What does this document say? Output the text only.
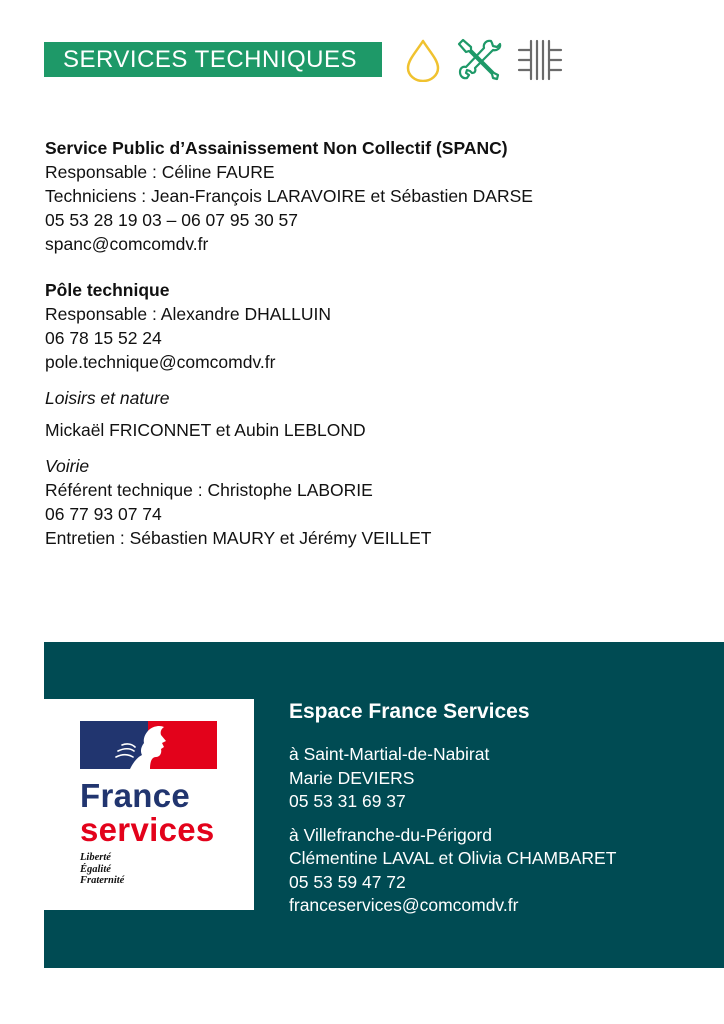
SERVICES TECHNIQUES
Service Public d’Assainissement Non Collectif (SPANC)
Responsable : Céline FAURE
Techniciens : Jean-François LARAVOIRE et Sébastien DARSE
05 53 28 19 03 – 06 07 95 30 57
spanc@comcomdv.fr
Pôle technique
Responsable : Alexandre DHALLUIN
06 78 15 52 24
pole.technique@comcomdv.fr
Loisirs et nature
Mickaël FRICONNET et Aubin LEBLOND
Voirie
Référent technique : Christophe LABORIE
06 77 93 07 74
Entretien : Sébastien MAURY et Jérémy VEILLET
France
services
Liberté
Égalité
Fraternité
Espace France Services
à Saint-Martial-de-Nabirat
Marie DEVIERS
05 53 31 69 37
à Villefranche-du-Périgord
Clémentine LAVAL et Olivia CHAMBARET
05 53 59 47 72
franceservices@comcomdv.fr
